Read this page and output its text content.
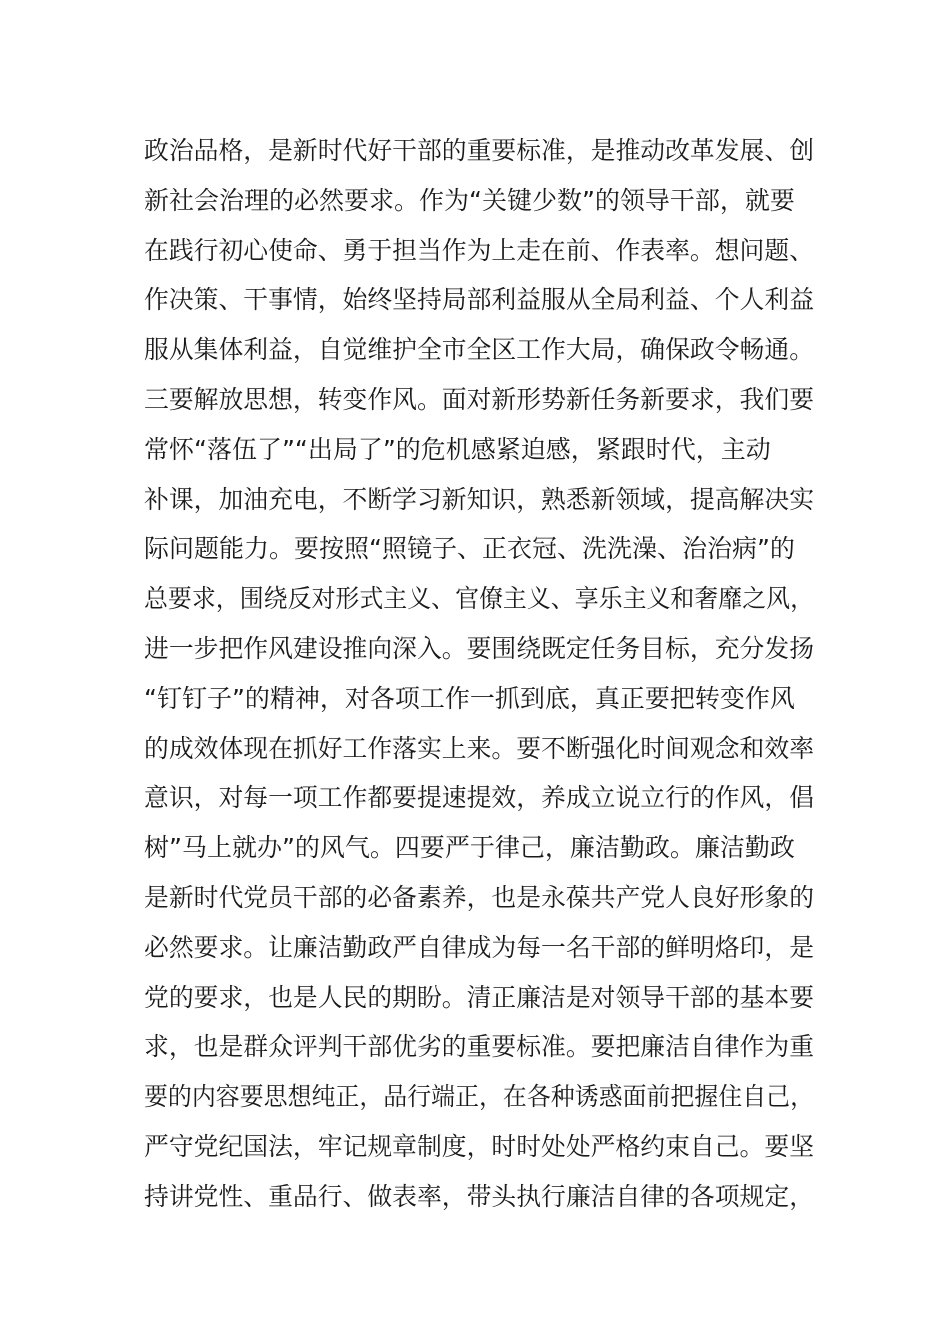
政治品格，是新时代好干部的重要标准，是推动改革发展、创
新社会治理的必然要求。作为“关键少数”的领导干部，就要
在践行初心使命、勇于担当作为上走在前、作表率。想问题、
作决策、干事情，始终坚持局部利益服从全局利益、个人利益
服从集体利益，自觉维护全市全区工作大局，确保政令畅通。
三要解放思想，转变作风。面对新形势新任务新要求，我们要
常怀“落伍了”“出局了”的危机感紧迫感，紧跟时代，主动
补课，加油充电，不断学习新知识，熟悉新领域，提高解决实
际问题能力。要按照“照镜子、正衣冠、洗洗澡、治治病”的
总要求，围绕反对形式主义、官僚主义、享乐主义和奢靡之风，
进一步把作风建设推向深入。要围绕既定任务目标，充分发扬
“钉钉子”的精神，对各项工作一抓到底，真正要把转变作风
的成效体现在抓好工作落实上来。要不断强化时间观念和效率
意识，对每一项工作都要提速提效，养成立说立行的作风，倡
树”马上就办”的风气。四要严于律己，廉洁勤政。廉洁勤政
是新时代党员干部的必备素养，也是永葆共产党人良好形象的
必然要求。让廉洁勤政严自律成为每一名干部的鲜明烙印，是
党的要求，也是人民的期盼。清正廉洁是对领导干部的基本要
求，也是群众评判干部优劣的重要标准。要把廉洁自律作为重
要的内容要思想纯正，品行端正，在各种诱惑面前把握住自己，
严守党纪国法，牢记规章制度，时时处处严格约束自己。要坚
持讲党性、重品行、做表率，带头执行廉洁自律的各项规定，
